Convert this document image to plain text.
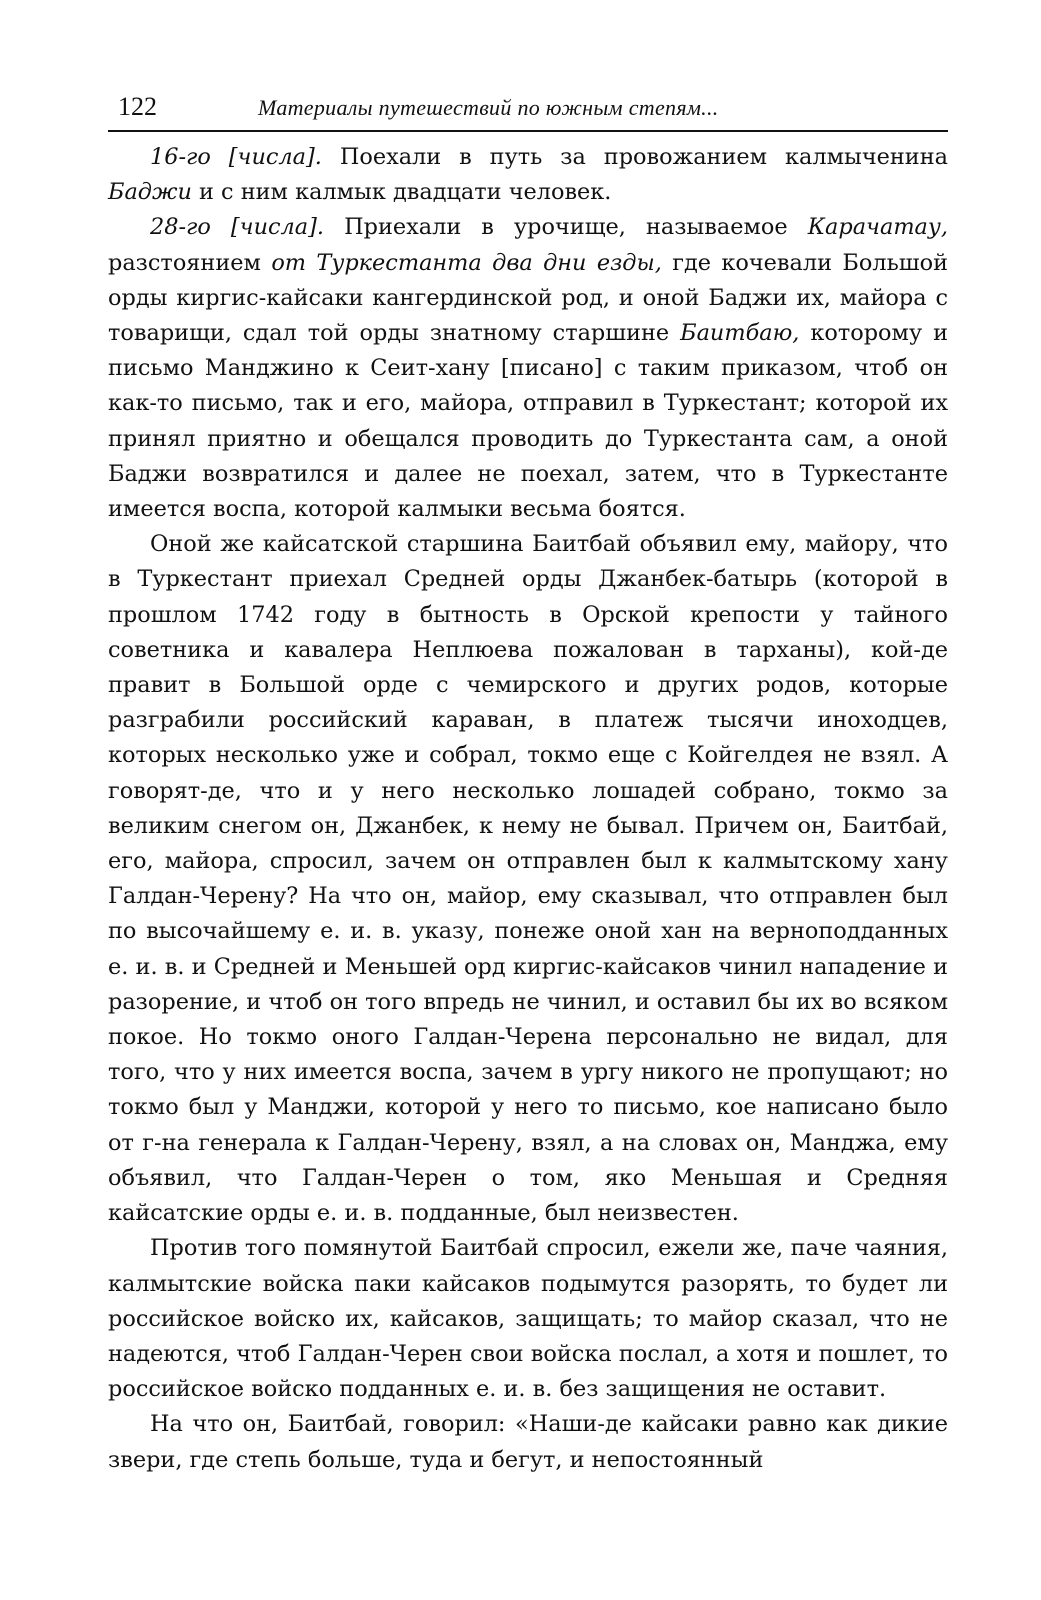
122	Материалы путешествий по южным степям...

16-го [числа]. Поехали в путь за провожанием калмыченина Баджи и с ним калмык двадцати человек.

28-го [числа]. Приехали в урочище, называемое Карачатау, разстоянием от Туркестанта два дни езды, где кочевали Большой орды киргис-кайсаки кангердинской род, и оной Баджи их, майора с товарищи, сдал той орды знатному старшине Баитбаю, которому и письмо Манджино к Сеит-хану [писано] с таким приказом, чтоб он как-то письмо, так и его, майора, отправил в Туркестант; которой их принял приятно и обещался проводить до Туркестанта сам, а оной Баджи возвратился и далее не поехал, затем, что в Туркестанте имеется воспа, которой калмыки весьма боятся.

Оной же кайсатской старшина Баитбай объявил ему, майору, что в Туркестант приехал Средней орды Джанбек-батырь (которой в прошлом 1742 году в бытность в Орской крепости у тайного советника и кавалера Неплюева пожалован в тарханы), кой-де правит в Большой орде с чемирского и других родов, которые разграбили российский караван, в платеж тысячи иноходцев, которых несколько уже и собрал, токмо еще с Койгелдея не взял. А говорят-де, что и у него несколько лошадей собрано, токмо за великим снегом он, Джанбек, к нему не бывал. Причем он, Баитбай, его, майора, спросил, зачем он отправлен был к калмытскому хану Галдан-Черену? На что он, майор, ему сказывал, что отправлен был по высочайшему е. и. в. указу, понеже оной хан на верноподданных е. и. в. и Средней и Меньшей орд киргис-кайсаков чинил нападение и разорение, и чтоб он того впредь не чинил, и оставил бы их во всяком покое. Но токмо оного Галдан-Черена персонально не видал, для того, что у них имеется воспа, зачем в ургу никого не пропущают; но токмо был у Манджи, которой у него то письмо, кое написано было от г-на генерала к Галдан-Черену, взял, а на словах он, Манджа, ему объявил, что Галдан-Черен о том, яко Меньшая и Средняя кайсатские орды е. и. в. подданные, был неизвестен.

Против того помянутой Баитбай спросил, ежели же, паче чаяния, калмытские войска паки кайсаков подымутся разорять, то будет ли российское войско их, кайсаков, защищать; то майор сказал, что не надеются, чтоб Галдан-Черен свои войска послал, а хотя и пошлет, то российское войско подданных е. и. в. без защищения не оставит.

На что он, Баитбай, говорил: «Наши-де кайсаки равно как дикие звери, где степь больше, туда и бегут, и непостоянный
